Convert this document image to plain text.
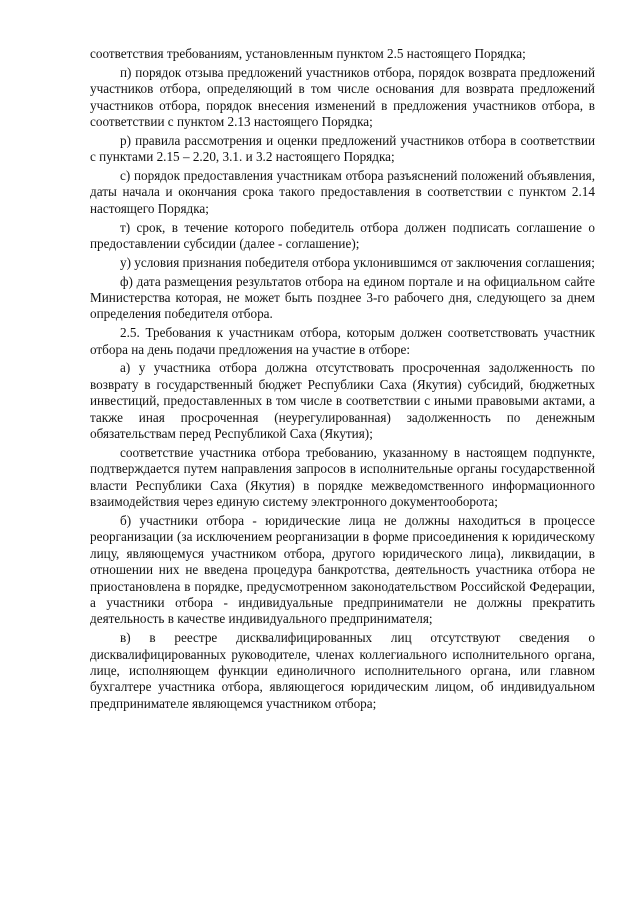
соответствия требованиям, установленным пунктом 2.5 настоящего Порядка;

п) порядок отзыва предложений участников отбора, порядок возврата предложений участников отбора, определяющий в том числе основания для возврата предложений участников отбора, порядок внесения изменений в предложения участников отбора, в соответствии с пунктом 2.13 настоящего Порядка;

р) правила рассмотрения и оценки предложений участников отбора в соответствии с пунктами 2.15 – 2.20, 3.1. и 3.2 настоящего Порядка;

с) порядок предоставления участникам отбора разъяснений положений объявления, даты начала и окончания срока такого предоставления в соответствии с пунктом 2.14 настоящего Порядка;

т) срок, в течение которого победитель отбора должен подписать соглашение о предоставлении субсидии (далее - соглашение);

у) условия признания победителя отбора уклонившимся от заключения соглашения;

ф) дата размещения результатов отбора на едином портале и на официальном сайте Министерства которая, не может быть позднее 3-го рабочего дня, следующего за днем определения победителя отбора.

2.5. Требования к участникам отбора, которым должен соответствовать участник отбора на день подачи предложения на участие в отборе:

а) у участника отбора должна отсутствовать просроченная задолженность по возврату в государственный бюджет Республики Саха (Якутия) субсидий, бюджетных инвестиций, предоставленных в том числе в соответствии с иными правовыми актами, а также иная просроченная (неурегулированная) задолженность по денежным обязательствам перед Республикой Саха (Якутия);

соответствие участника отбора требованию, указанному в настоящем подпункте, подтверждается путем направления запросов в исполнительные органы государственной власти Республики Саха (Якутия) в порядке межведомственного информационного взаимодействия через единую систему электронного документооборота;

б) участники отбора - юридические лица не должны находиться в процессе реорганизации (за исключением реорганизации в форме присоединения к юридическому лицу, являющемуся участником отбора, другого юридического лица), ликвидации, в отношении них не введена процедура банкротства, деятельность участника отбора не приостановлена в порядке, предусмотренном законодательством Российской Федерации, а участники отбора - индивидуальные предприниматели не должны прекратить деятельность в качестве индивидуального предпринимателя;

в) в реестре дисквалифицированных лиц отсутствуют сведения о дисквалифицированных руководителе, членах коллегиального исполнительного органа, лице, исполняющем функции единоличного исполнительного органа, или главном бухгалтере участника отбора, являющегося юридическим лицом, об индивидуальном предпринимателе являющемся участником отбора;
